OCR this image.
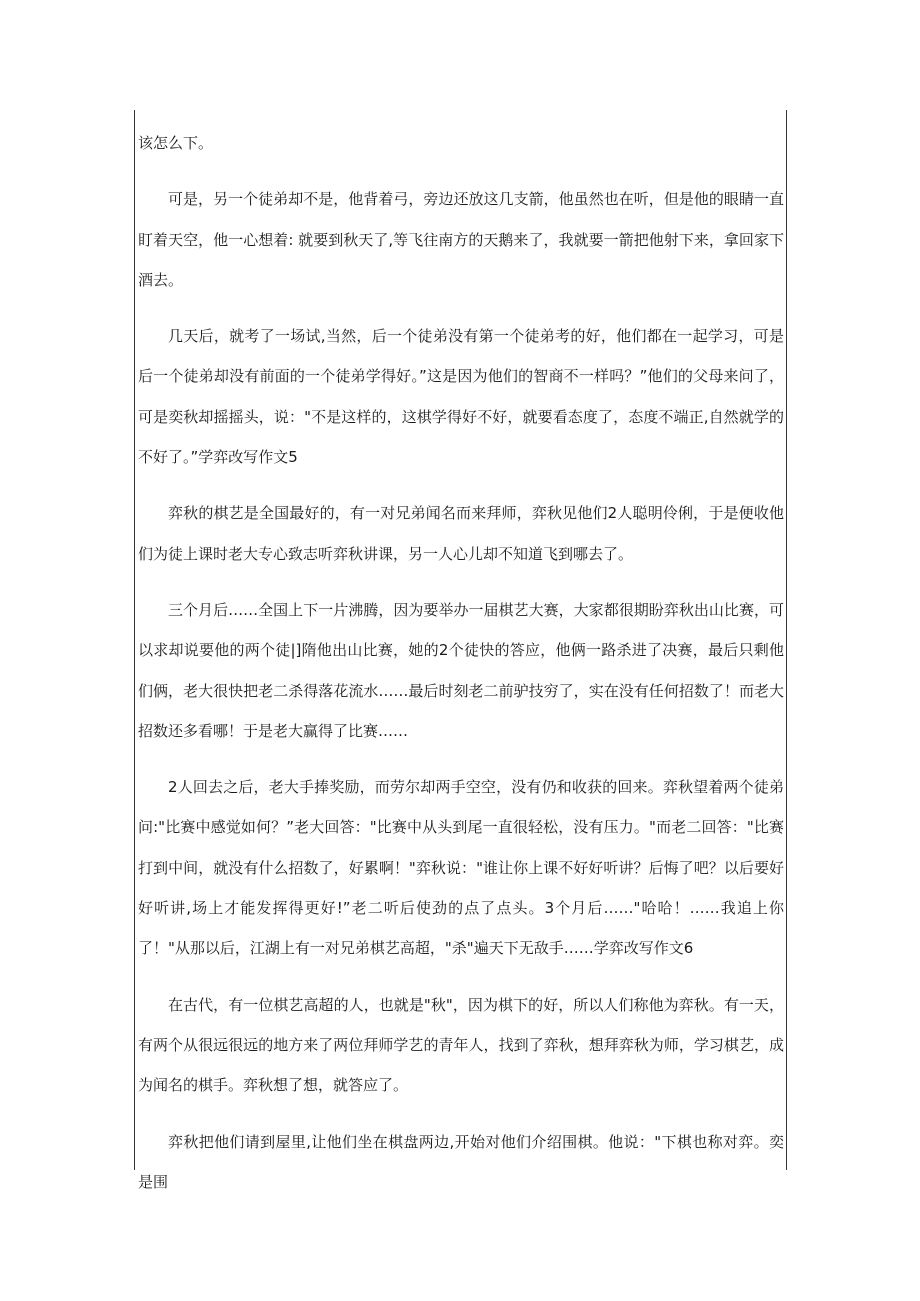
该怎么下。

可是，另一个徒弟却不是，他背着弓，旁边还放这几支箭，他虽然也在听，但是他的眼睛一直盯着天空，他一心想着: 就要到秋天了,等飞往南方的天鹅来了，我就要一箭把他射下来，拿回家下酒去。

几天后，就考了一场试,当然，后一个徒弟没有第一个徒弟考的好，他们都在一起学习，可是后一个徒弟却没有前面的一个徒弟学得好。”这是因为他们的智商不一样吗？”他们的父母来问了，可是奕秋却摇摇头，说："不是这样的，这棋学得好不好，就要看态度了，态度不端正,自然就学的不好了。”学弈改写作文5

弈秋的棋艺是全国最好的，有一对兄弟闻名而来拜师，弈秋见他们2人聪明伶俐，于是便收他们为徒上课时老大专心致志听弈秋讲课，另一人心儿却不知道飞到哪去了。

三个月后……全国上下一片沸腾，因为要举办一届棋艺大赛，大家都很期盼弈秋出山比赛，可以求却说要他的两个徒|]隋他出山比赛，她的2个徒快的答应，他俩一路杀进了决赛，最后只剩他们俩，老大很快把老二杀得落花流水……最后时刻老二前驴技穷了，实在没有任何招数了！而老大招数还多看哪！于是老大赢得了比赛……

2人回去之后，老大手捧奖励，而劳尔却两手空空，没有仍和收获的回来。弈秋望着两个徒弟问:"比赛中感觉如何？”老大回答："比赛中从头到尾一直很轻松，没有压力。"而老二回答："比赛打到中间，就没有什么招数了，好累啊！"弈秋说："谁让你上课不好好听讲？后悔了吧？以后要好好听讲,场上才能发挥得更好!”老二听后使劲的点了点头。3个月后……"哈哈！……我追上你了！"从那以后，江湖上有一对兄弟棋艺高超，"杀"遍天下无敌手……学弈改写作文6

在古代，有一位棋艺高超的人，也就是"秋"，因为棋下的好，所以人们称他为弈秋。有一天，有两个从很远很远的地方来了两位拜师学艺的青年人，找到了弈秋，想拜弈秋为师，学习棋艺，成为闻名的棋手。弈秋想了想，就答应了。

弈秋把他们请到屋里,让他们坐在棋盘两边,开始对他们介绍围棋。他说："下棋也称对弈。奕是围
